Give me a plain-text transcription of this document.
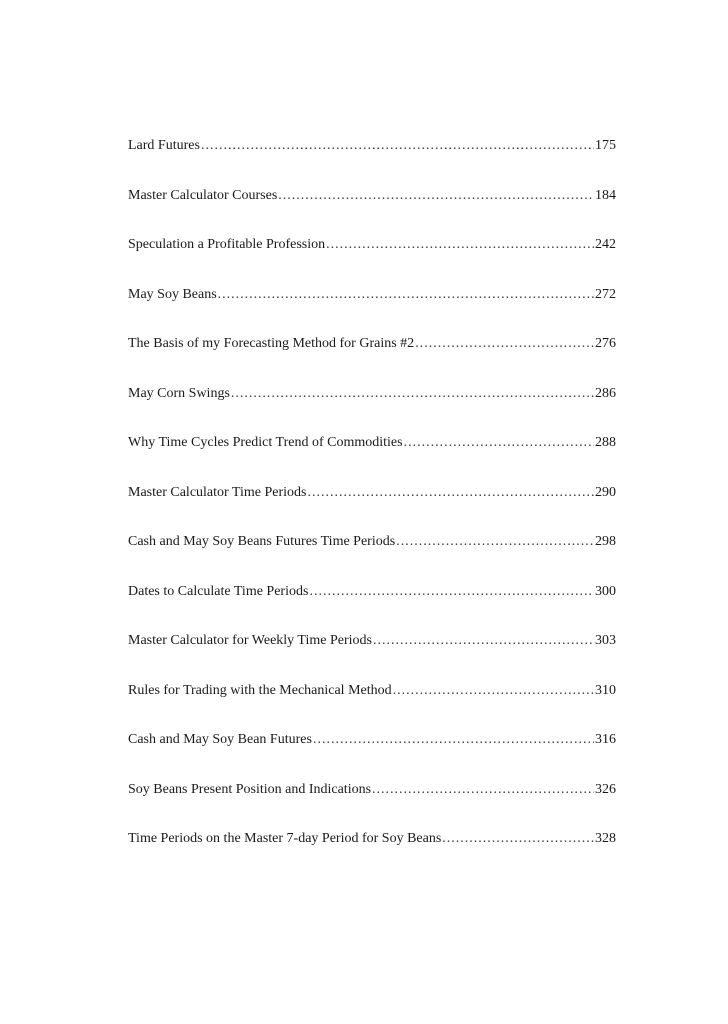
Lard Futures .....	175
Master Calculator Courses .....	184
Speculation a Profitable Profession .....	242
May Soy Beans .....	272
The Basis of my Forecasting Method for Grains #2 .....	276
May Corn Swings .....	286
Why Time Cycles Predict Trend of Commodities .....	288
Master Calculator Time Periods .....	290
Cash and May Soy Beans Futures Time Periods .....	298
Dates to Calculate Time Periods .....	300
Master Calculator for Weekly Time Periods .....	303
Rules for Trading with the Mechanical Method .....	310
Cash and May Soy Bean Futures .....	316
Soy Beans Present Position and Indications .....	326
Time Periods on the Master 7-day Period for Soy Beans .....	328
